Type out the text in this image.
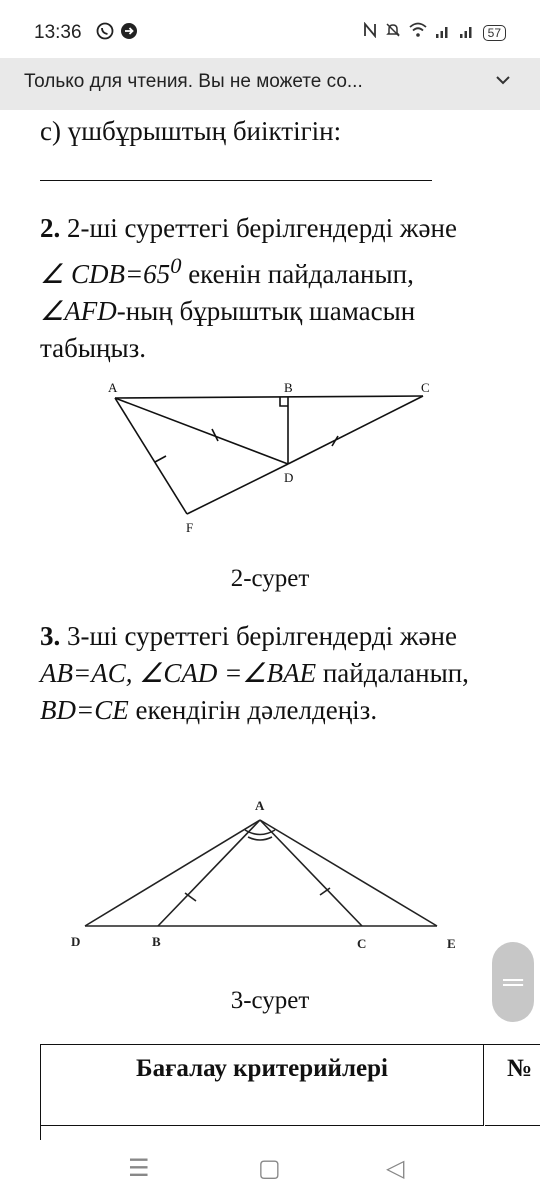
13:36	57
Только для чтения. Вы не можете со...
с) үшбұрыштың биіктігін:
2. 2-ші суреттегі берілгендерді және ∠ $CDB=65^0$ екенін пайдаланып, ∠AFD-ның бұрыштық шамасын табыңыз.
A	B	C
D
F
2-сурет
3. 3-ші суреттегі берілгендерді және AB=AC, ∠CAD =∠BAE пайдаланып, BD=CE екендігін дәлелдеңіз.
A
D	B	C	E
3-сурет
Бағалау критерийлері	№
═
☰	▢	◁
